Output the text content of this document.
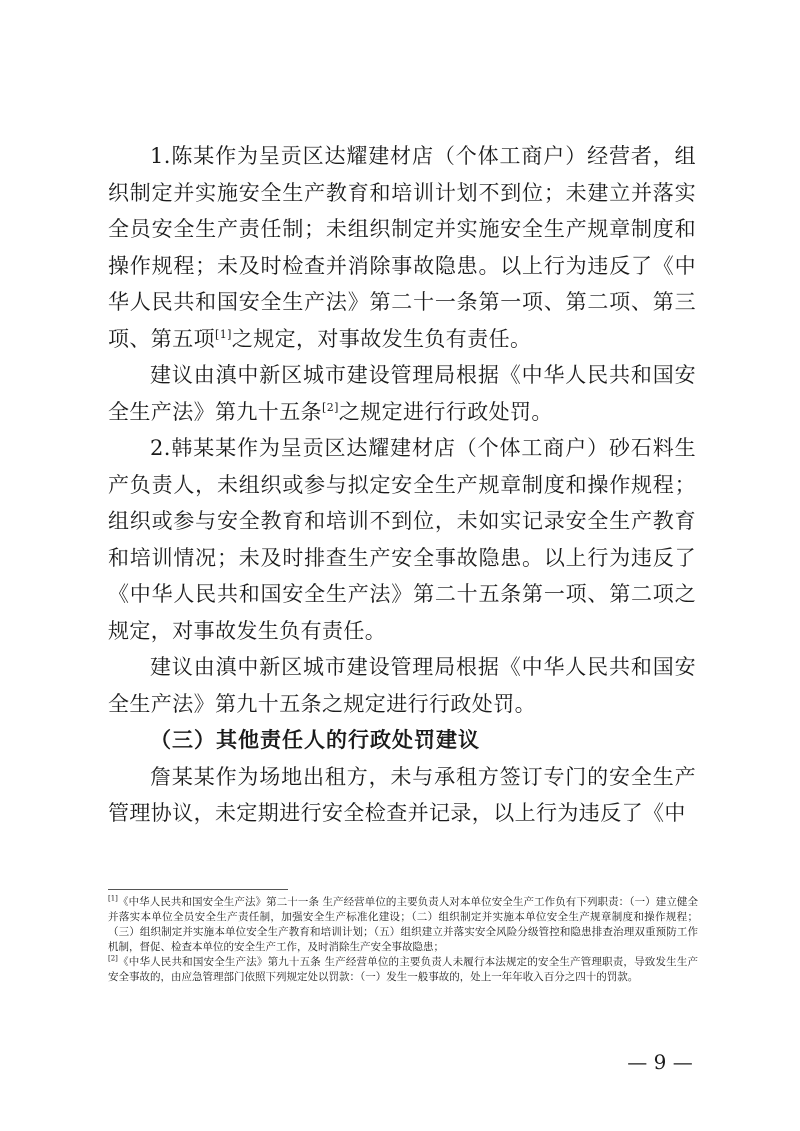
1.陈某作为呈贡区达耀建材店（个体工商户）经营者，组织制定并实施安全生产教育和培训计划不到位；未建立并落实全员安全生产责任制；未组织制定并实施安全生产规章制度和操作规程；未及时检查并消除事故隐患。以上行为违反了《中华人民共和国安全生产法》第二十一条第一项、第二项、第三项、第五项[1]之规定，对事故发生负有责任。

建议由滇中新区城市建设管理局根据《中华人民共和国安全生产法》第九十五条[2]之规定进行行政处罚。

2.韩某某作为呈贡区达耀建材店（个体工商户）砂石料生产负责人，未组织或参与拟定安全生产规章制度和操作规程；组织或参与安全教育和培训不到位，未如实记录安全生产教育和培训情况；未及时排查生产安全事故隐患。以上行为违反了《中华人民共和国安全生产法》第二十五条第一项、第二项之规定，对事故发生负有责任。

建议由滇中新区城市建设管理局根据《中华人民共和国安全生产法》第九十五条之规定进行行政处罚。

（三）其他责任人的行政处罚建议

詹某某作为场地出租方，未与承租方签订专门的安全生产管理协议，未定期进行安全检查并记录，以上行为违反了《中

[1]《中华人民共和国安全生产法》第二十一条 生产经营单位的主要负责人对本单位安全生产工作负有下列职责：（一）建立健全并落实本单位全员安全生产责任制，加强安全生产标准化建设；（二）组织制定并实施本单位安全生产规章制度和操作规程；（三）组织制定并实施本单位安全生产教育和培训计划；（五）组织建立并落实安全风险分级管控和隐患排查治理双重预防工作机制，督促、检查本单位的安全生产工作，及时消除生产安全事故隐患；

[2]《中华人民共和国安全生产法》第九十五条 生产经营单位的主要负责人未履行本法规定的安全生产管理职责，导致发生生产安全事故的，由应急管理部门依照下列规定处以罚款：（一）发生一般事故的，处上一年年收入百分之四十的罚款。

— 9 —
